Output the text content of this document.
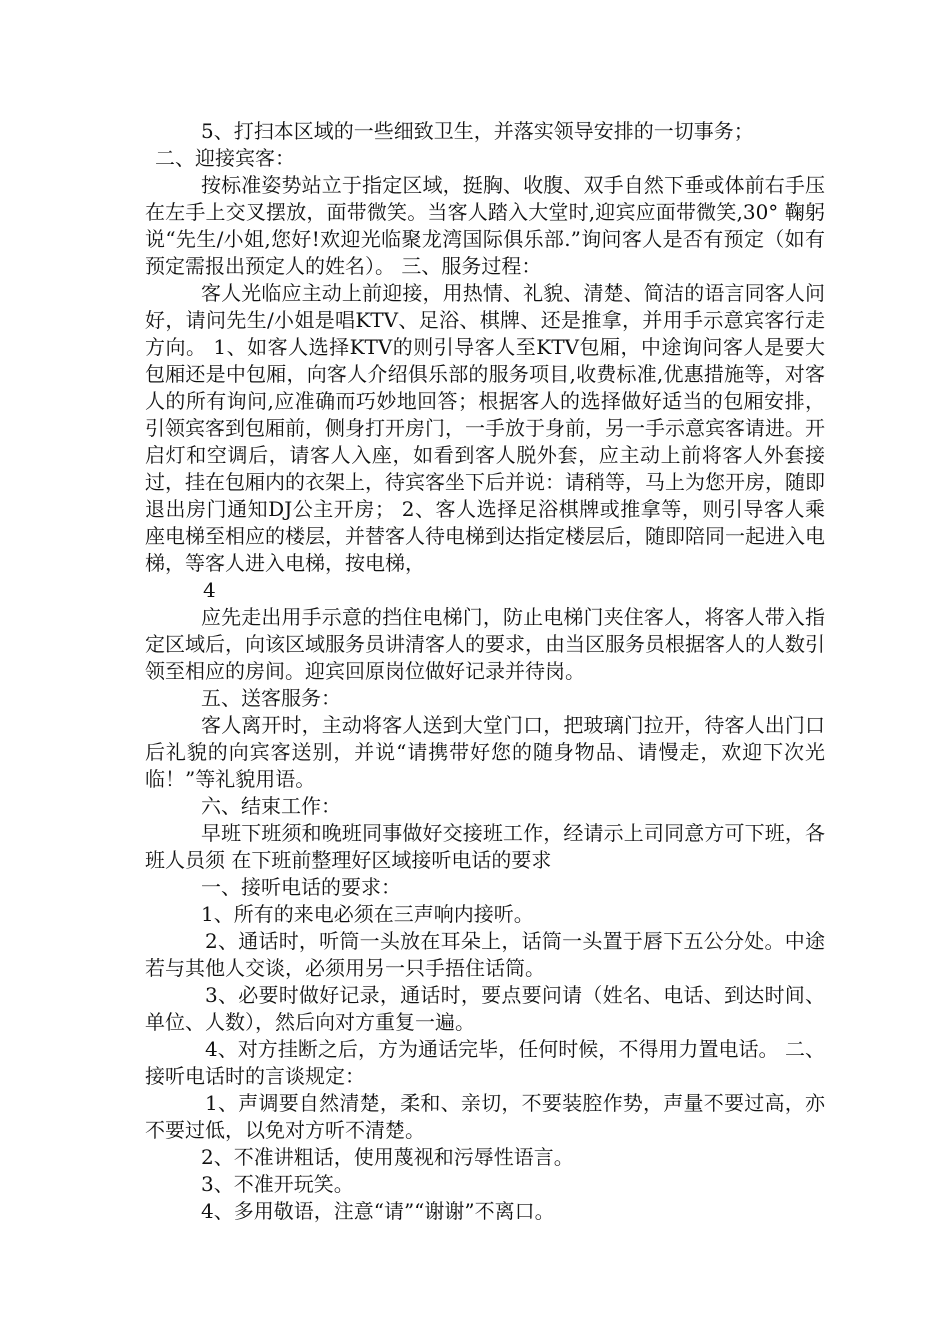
5、打扫本区域的一些细致卫生，并落实领导安排的一切事务；

二、迎接宾客：

按标准姿势站立于指定区域，挺胸、收腹、双手自然下垂或体前右手压在左手上交叉摆放，面带微笑。当客人踏入大堂时,迎宾应面带微笑,30° 鞠躬说“先生/小姐,您好!欢迎光临聚龙湾国际俱乐部.”询问客人是否有预定（如有预定需报出预定人的姓名）。 三、服务过程：

客人光临应主动上前迎接，用热情、礼貌、清楚、简洁的语言同客人问好，请问先生/小姐是唱KTV、足浴、棋牌、还是推拿，并用手示意宾客行走方向。 1、如客人选择KTV的则引导客人至KTV包厢，中途询问客人是要大包厢还是中包厢，向客人介绍俱乐部的服务项目,收费标准,优惠措施等，对客人的所有询问,应准确而巧妙地回答；根据客人的选择做好适当的包厢安排，引领宾客到包厢前，侧身打开房门，一手放于身前，另一手示意宾客请进。开启灯和空调后，请客人入座，如看到客人脱外套，应主动上前将客人外套接过，挂在包厢内的衣架上，待宾客坐下后并说：请稍等，马上为您开房，随即退出房门通知DJ公主开房； 2、客人选择足浴棋牌或推拿等，则引导客人乘座电梯至相应的楼层，并替客人待电梯到达指定楼层后，随即陪同一起进入电梯，等客人进入电梯，按电梯，

4

应先走出用手示意的挡住电梯门，防止电梯门夹住客人，将客人带入指定区域后，向该区域服务员讲清客人的要求，由当区服务员根据客人的人数引领至相应的房间。迎宾回原岗位做好记录并待岗。

五、送客服务：

客人离开时，主动将客人送到大堂门口，把玻璃门拉开，待客人出门口后礼貌的向宾客送别，并说“请携带好您的随身物品、请慢走，欢迎下次光临！”等礼貌用语。

六、结束工作：

早班下班须和晚班同事做好交接班工作，经请示上司同意方可下班，各班人员须 在下班前整理好区域接听电话的要求

一、接听电话的要求：

1、所有的来电必须在三声响内接听。

2、通话时，听筒一头放在耳朵上，话筒一头置于唇下五公分处。中途若与其他人交谈，必须用另一只手捂住话筒。

3、必要时做好记录，通话时，要点要问请（姓名、电话、到达时间、单位、人数），然后向对方重复一遍。

4、对方挂断之后，方为通话完毕，任何时候，不得用力置电话。 二、接听电话时的言谈规定：

1、声调要自然清楚，柔和、亲切，不要装腔作势，声量不要过高，亦不要过低，以免对方听不清楚。

2、不准讲粗话，使用蔑视和污辱性语言。

3、不准开玩笑。

4、多用敬语，注意“请”“谢谢”不离口。
